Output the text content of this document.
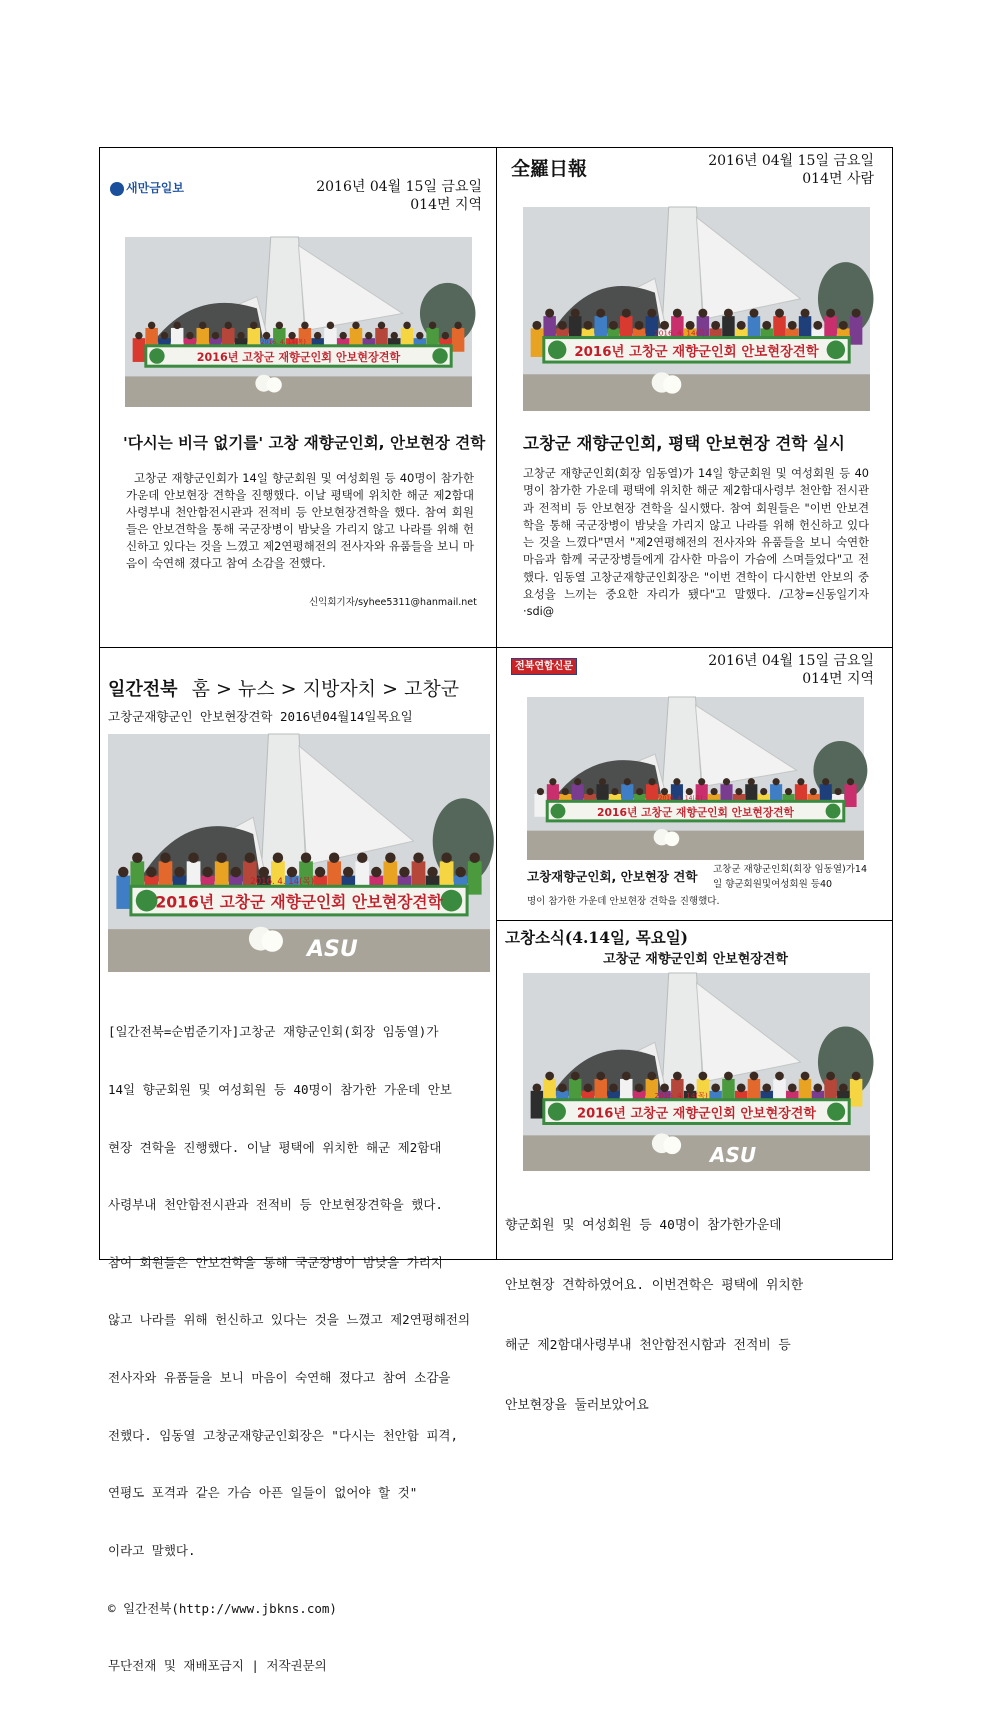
새만금일보	2016년 04월 15일 금요일
014면 지역
2016년 고창군 재향군인회 안보현장견학
2016. 4. 14(목)
'다시는 비극 없기를' 고창 재향군인회, 안보현장 견학
고창군 재향군인회가 14일 향군회원 및 여성회원 등 40명이 참가한 가운데 안보현장 견학을 진행했다. 이날 평택에 위치한 해군 제2함대사령부내 천안함전시관과 전적비 등 안보현장견학을 했다. 참여 회원들은 안보견학을 통해 국군장병이 밤낮을 가리지 않고 나라를 위해 헌신하고 있다는 것을 느꼈고 제2연평해전의 전사자와 유품들을 보니 마음이 숙연해 졌다고 참여 소감을 전했다.
신익회기자/syhee5311@hanmail.net
全羅日報	2016년 04월 15일 금요일
014면 사람
2016년 고창군 재향군인회 안보현장견학
2016. 4. 14(목)
고창군 재향군인회, 평택 안보현장 견학 실시
고창군 재향군인회(회장 임동열)가 14일 향군회원 및 여성회원 등 40명이 참가한 가운데 평택에 위치한 해군 제2함대사령부 천안함 전시관과 전적비 등 안보현장 견학을 실시했다. 참여 회원들은 "이번 안보견학을 통해 국군장병이 밤낮을 가리지 않고 나라를 위해 헌신하고 있다는 것을 느꼈다"면서 "제2연평해전의 전사자와 유품들을 보니 숙연한 마음과 함께 국군장병들에게 감사한 마음이 가슴에 스며들었다"고 전했다. 임동열 고창군재향군인회장은 "이번 견학이 다시한번 안보의 중요성을 느끼는 중요한 자리가 됐다"고 말했다. /고창=신동일기자·sdi@
일간전북 홈 > 뉴스 > 지방자치 > 고창군
고창군재향군인 안보현장견학 2016년04월14일목요일
2016년 고창군 재향군인회 안보현장견학
2016. 4. 14(목)
ASU

[일간전북=순범준기자]고창군 재향군인회(회장 임동열)가

14일 향군회원 및 여성회원 등 40명이 참가한 가운데 안보

현장 견학을 진행했다. 이날 평택에 위치한 해군 제2함대

사령부내 천안함전시관과 전적비 등 안보현장견학을 했다.

참여 회원들은 안보견학을 통해 국군장병이 밤낮을 가리지

않고 나라를 위해 헌신하고 있다는 것을 느꼈고 제2연평해전의

전사자와 유품들을 보니 마음이 숙연해 졌다고 참여 소감을

전했다. 임동열 고창군재향군인회장은 "다시는 천안함 피격,

연평도 포격과 같은 가슴 아픈 일들이 없어야 할 것"

이라고 말했다.

© 일간전북(http://www.jbkns.com)

무단전재 및 재배포금지 | 저작권문의

전북연합신문	2016년 04월 15일 금요일
014면 지역
2016년 고창군 재향군인회 안보현장견학
2016. 4. 14(목)
고창재향군인회, 안보현장 견학 고창군 재향군인회(회장 임동열)가14일 향군회원및여성회원 등40
명이 참가한 가운데 안보현장 견학을 진행했다.
고창소식(4.14일, 목요일)
고창군 재향군인회 안보현장견학
2016년 고창군 재향군인회 안보현장견학
2016. 4. 14(목)
ASU

향군회원 및 여성회원 등 40명이 참가한가운데

안보현장 견학하였어요. 이번견학은 평택에 위치한

해군 제2함대사령부내 천안함전시함과 전적비 등

안보현장을 둘러보았어요
